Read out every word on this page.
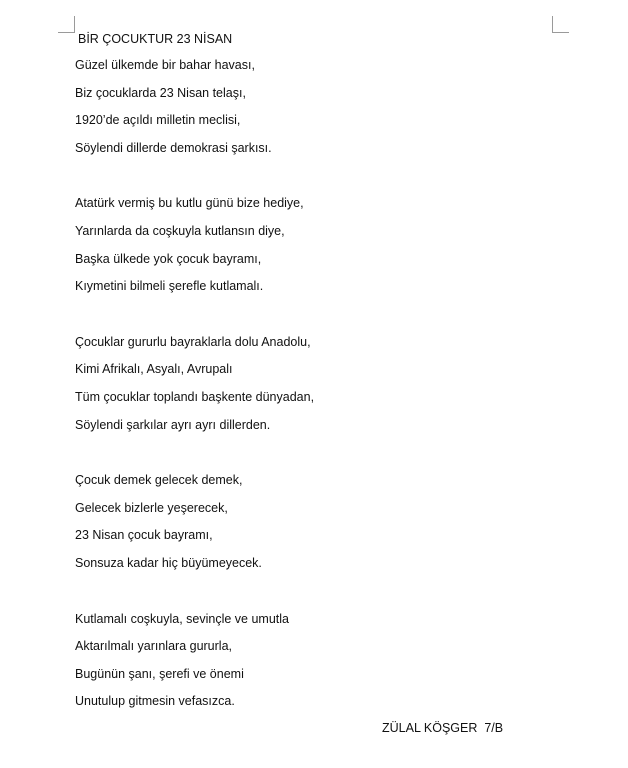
BİR ÇOCUKTUR 23 NİSAN
Güzel ülkemde bir bahar havası,
Biz çocuklarda 23 Nisan telaşı,
1920’de açıldı milletin meclisi,
Söylendi dillerde demokrasi şarkısı.
Atatürk vermiş bu kutlu günü bize hediye,
Yarınlarda da coşkuyla kutlansın diye,
Başka ülkede yok çocuk bayramı,
Kıymetini bilmeli şerefle kutlamalı.
Çocuklar gururlu bayraklarla dolu Anadolu,
Kimi Afrikalı, Asyalı, Avrupalı
Tüm çocuklar toplandı başkente dünyadan,
Söylendi şarkılar ayrı ayrı dillerden.
Çocuk demek gelecek demek,
Gelecek bizlerle yeşerecek,
23 Nisan çocuk bayramı,
Sonsuza kadar hiç büyümeyecek.
Kutlamalı coşkuyla, sevinçle ve umutla
Aktarılmalı yarınlara gururla,
Bugünün şanı, şerefi ve önemi
Unutulup gitmesin vefasızca.
ZÜLAL KÖŞGER  7/B
